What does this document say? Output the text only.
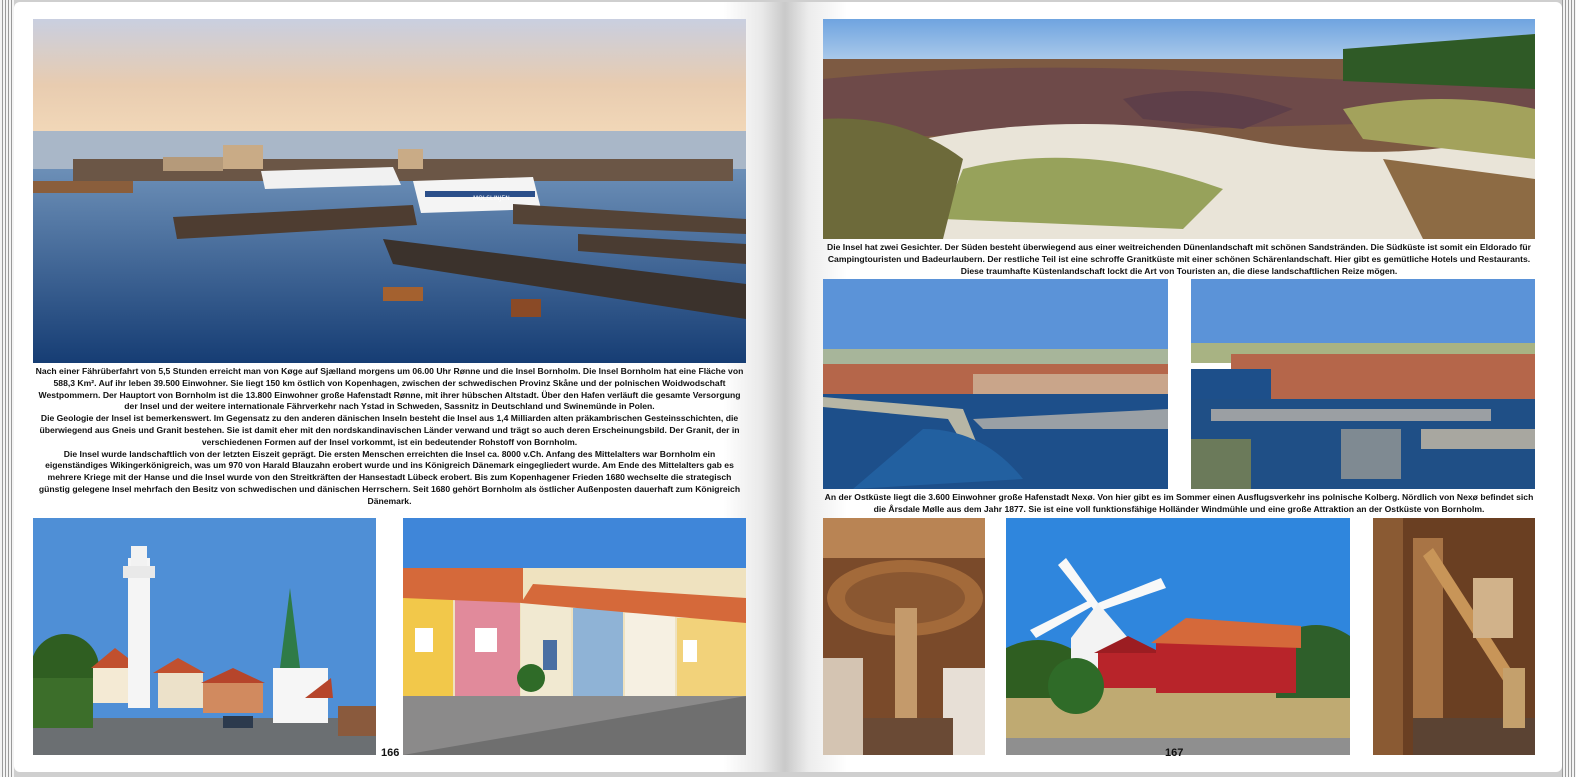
MOLSLINJEN

Nach einer Fährüberfahrt von 5,5 Stunden erreicht man von Køge auf Sjælland morgens um 06.00 Uhr Rønne und die Insel Bornholm. Die Insel Bornholm hat eine Fläche von 588,3 Km². Auf ihr leben 39.500 Einwohner. Sie liegt 150 km östlich von Kopenhagen, zwischen der schwedischen Provinz Skåne und der polnischen Woidwodschaft Westpommern. Der Hauptort von Bornholm ist die 13.800 Einwohner große Hafenstadt Rønne, mit ihrer hübschen Altstadt. Über den Hafen verläuft die gesamte Versorgung der Insel und der weitere internationale Fährverkehr nach Ystad in Schweden, Sassnitz in Deutschland und Swinemünde in Polen.

Die Geologie der Insel ist bemerkenswert. Im Gegensatz zu den anderen dänischen Inseln besteht die Insel aus 1,4 Milliarden alten präkambrischen Gesteinsschichten, die überwiegend aus Gneis und Granit bestehen. Sie ist damit eher mit den nordskandinavischen Länder verwand und trägt so auch deren Erscheinungsbild. Der Granit, der in verschiedenen Formen auf der Insel vorkommt, ist ein bedeutender Rohstoff von Bornholm.

Die Insel wurde landschaftlich von der letzten Eiszeit geprägt. Die ersten Menschen erreichten die Insel ca. 8000 v.Ch. Anfang des Mittelalters war Bornholm ein eigenständiges Wikingerkönigreich, was um 970 von Harald Blauzahn erobert wurde und ins Königreich Dänemark eingegliedert wurde. Am Ende des Mittelalters gab es mehrere Kriege mit der Hanse und die Insel wurde von den Streitkräften der Hansestadt Lübeck erobert. Bis zum Kopenhagener Frieden 1680 wechselte die strategisch günstig gelegene Insel mehrfach den Besitz von schwedischen und dänischen Herrschern. Seit 1680 gehört Bornholm als östlicher Außenposten dauerhaft zum Königreich Dänemark.

166
Die Insel hat zwei Gesichter. Der Süden besteht überwiegend aus einer weitreichenden Dünenlandschaft mit schönen Sandstränden. Die Südküste ist somit ein Eldorado für Campingtouristen und Badeurlaubern. Der restliche Teil ist eine schroffe Granitküste mit einer schönen Schärenlandschaft. Hier gibt es gemütliche Hotels und Restaurants. Diese traumhafte Küstenlandschaft lockt die Art von Touristen an, die diese landschaftlichen Reize mögen.
An der Ostküste liegt die 3.600 Einwohner große Hafenstadt Nexø. Von hier gibt es im Sommer einen Ausflugsverkehr ins polnische Kolberg. Nördlich von Nexø befindet sich die Årsdale Mølle aus dem Jahr 1877. Sie ist eine voll funktionsfähige Holländer Windmühle und eine große Attraktion an der Ostküste von Bornholm.
167
